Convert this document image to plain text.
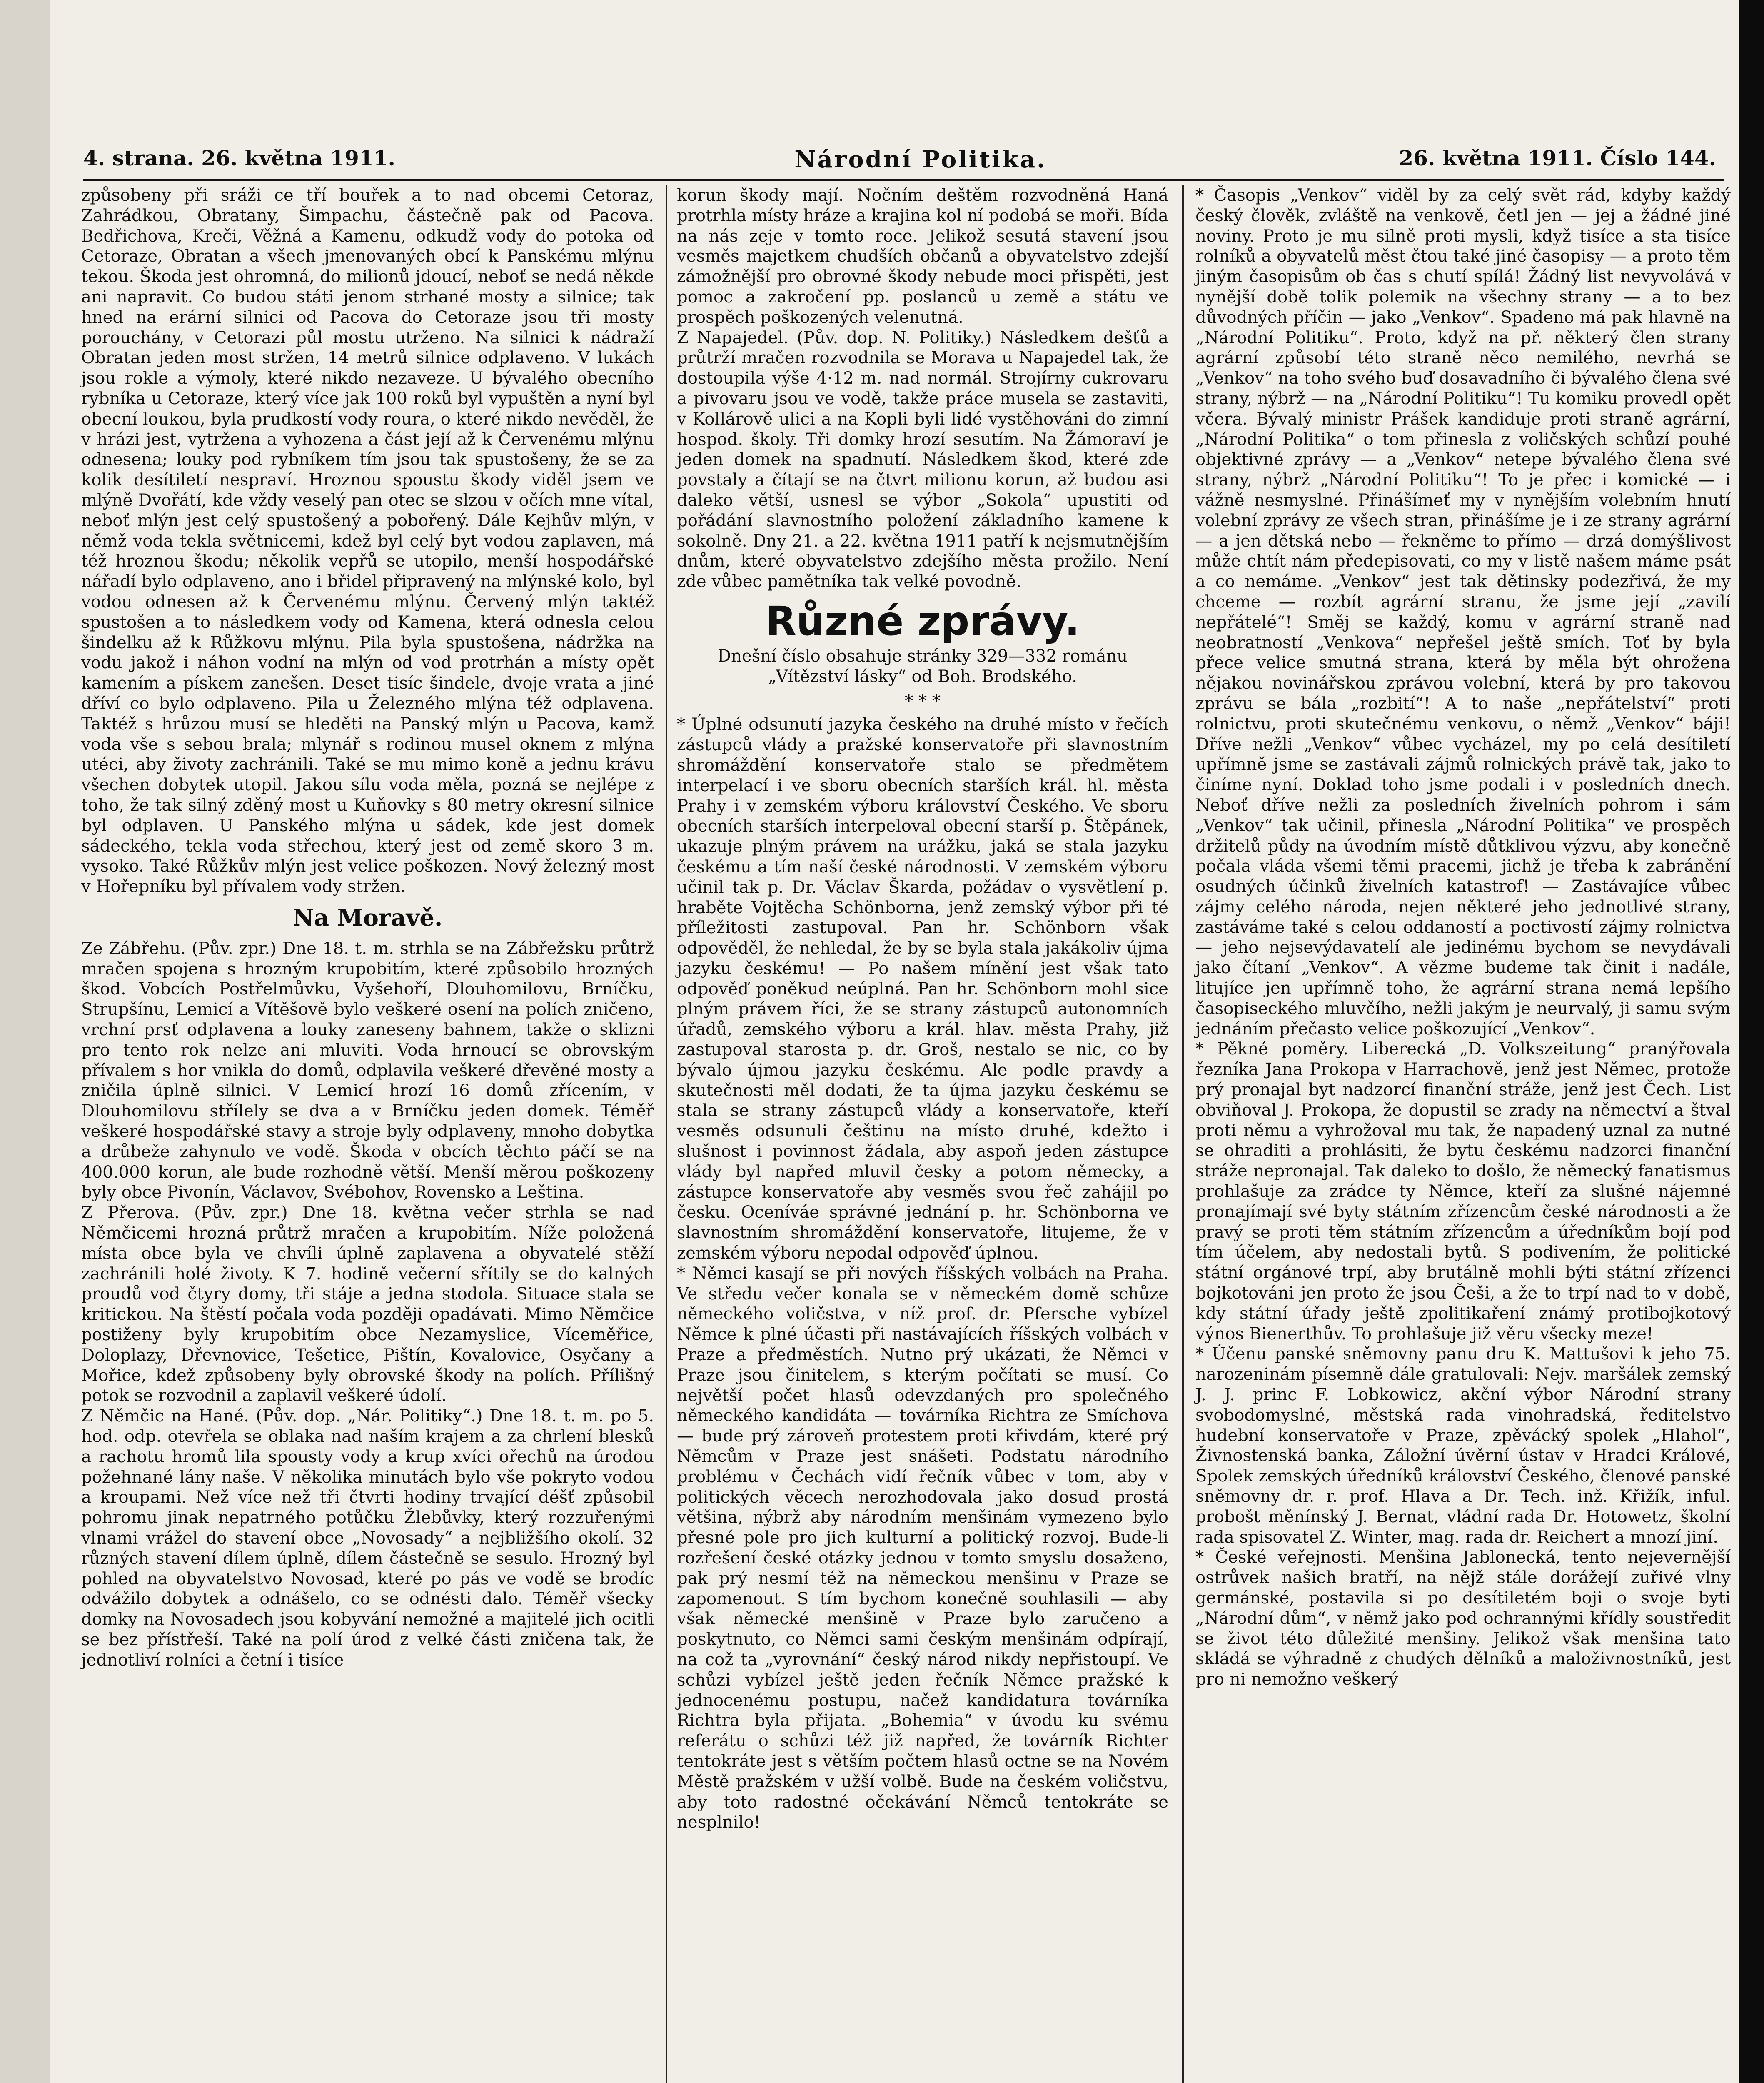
4. strana. 26. května 1911.	Národní Politika.	26. května 1911. Číslo 144.

způsobeny při sráži ce tří bouřek a to nad obcemi Cetoraz, Zahrádkou, Obratany, Šimpachu, částečně pak od Pacova. Bedřichova, Kreči, Věžná a Kamenu, odkudž vody do potoka od Cetoraze, Obratan a všech jmenovaných obcí k Panskému mlýnu tekou. Škoda jest ohromná, do milionů jdoucí, neboť se nedá někde ani napravit. Co budou státi jenom strhané mosty a silnice; tak hned na erární silnici od Pacova do Cetoraze jsou tři mosty porouchány, v Cetorazi půl mostu utrženo. Na silnici k nádraží Obratan jeden most stržen, 14 metrů silnice odplaveno. V lukách jsou rokle a výmoly, které nikdo nezaveze. U bývalého obecního rybníka u Cetoraze, který více jak 100 roků byl vypuštěn a nyní byl obecní loukou, byla prudkostí vody roura, o které nikdo nevěděl, že v hrázi jest, vytržena a vyhozena a část její až k Červenému mlýnu odnesena; louky pod rybníkem tím jsou tak spustošeny, že se za kolik desítiletí nespraví. Hroznou spoustu škody viděl jsem ve mlýně Dvořátí, kde vždy veselý pan otec se slzou v očích mne vítal, neboť mlýn jest celý spustošený a pobořený. Dále Kejhův mlýn, v němž voda tekla světnicemi, kdež byl celý byt vodou zaplaven, má též hroznou škodu; několik vepřů se utopilo, menší hospodářské nářadí bylo odplaveno, ano i břidel připravený na mlýnské kolo, byl vodou odnesen až k Červenému mlýnu. Červený mlýn taktéž spustošen a to následkem vody od Kamena, která odnesla celou šindelku až k Růžkovu mlýnu. Pila byla spustošena, nádržka na vodu jakož i náhon vodní na mlýn od vod protrhán a místy opět kamením a pískem zanešen. Deset tisíc šindele, dvoje vrata a jiné dříví co bylo odplaveno. Pila u Železného mlýna též odplavena. Taktéž s hrůzou musí se hleděti na Panský mlýn u Pacova, kamž voda vše s sebou brala; mlynář s rodinou musel oknem z mlýna utéci, aby životy zachránili. Také se mu mimo koně a jednu krávu všechen dobytek utopil. Jakou sílu voda měla, pozná se nejlépe z toho, že tak silný zděný most u Kuňovky s 80 metry okresní silnice byl odplaven. U Panského mlýna u sádek, kde jest domek sádeckého, tekla voda střechou, který jest od země skoro 3 m. vysoko. Také Růžkův mlýn jest velice poškozen. Nový železný most v Hořepníku byl přívalem vody stržen.

Na Moravě.

Ze Zábřehu. (Pův. zpr.) Dne 18. t. m. strhla se na Zábřežsku průtrž mračen spojena s hrozným krupobitím, které způsobilo hrozných škod. Vobcích Postřelmůvku, Vyšehoří, Dlouhomilovu, Brníčku, Strupšínu, Lemicí a Vítěšově bylo veškeré osení na polích zničeno, vrchní prsť odplavena a louky zaneseny bahnem, takže o sklizni pro tento rok nelze ani mluviti. Voda hrnoucí se obrovským přívalem s hor vnikla do domů, odplavila veškeré dřevěné mosty a zničila úplně silnici. V Lemicí hrozí 16 domů zřícením, v Dlouhomilovu střílely se dva a v Brníčku jeden domek. Téměř veškeré hospodářské stavy a stroje byly odplaveny, mnoho dobytka a drůbeže zahynulo ve vodě. Škoda v obcích těchto páčí se na 400.000 korun, ale bude rozhodně větší. Menší měrou poškozeny byly obce Pivonín, Václavov, Svébohov, Rovensko a Leština.

Z Přerova. (Pův. zpr.) Dne 18. května večer strhla se nad Němčicemi hrozná průtrž mračen a krupobitím. Níže položená místa obce byla ve chvíli úplně zaplavena a obyvatelé stěží zachránili holé životy. K 7. hodině večerní sřítily se do kalných proudů vod čtyry domy, tři stáje a jedna stodola. Situace stala se kritickou. Na štěstí počala voda později opadávati. Mimo Němčice postiženy byly krupobitím obce Nezamyslice, Víceměřice, Doloplazy, Dřevnovice, Tešetice, Pištín, Kovalovice, Osyčany a Mořice, kdež způsobeny byly obrovské škody na polích. Přílišný potok se rozvodnil a zaplavil veškeré údolí.

Z Němčic na Hané. (Pův. dop. „Nár. Politiky“.) Dne 18. t. m. po 5. hod. odp. otevřela se oblaka nad naším krajem a za chrlení blesků a rachotu hromů lila spousty vody a krup xvíci ořechů na úrodou požehnané lány naše. V několika minutách bylo vše pokryto vodou a kroupami. Než více než tři čtvrti hodiny trvající déšť způsobil pohromu jinak nepatrného potůčku Žlebůvky, který rozzuřenými vlnami vrážel do stavení obce „Novosady“ a nejbližšího okolí. 32 různých stavení dílem úplně, dílem částečně se sesulo. Hrozný byl pohled na obyvatelstvo Novosad, které po pás ve vodě se brodíc odvážilo dobytek a odnášelo, co se odnésti dalo. Téměř všecky domky na Novosadech jsou kobyvání nemožné a majitelé jich ocitli se bez přístřeší. Také na polí úrod z velké části zničena tak, že jednotliví rolníci a četní i tisíce

korun škody mají. Nočním deštěm rozvodněná Haná protrhla místy hráze a krajina kol ní podobá se moři. Bída na nás zeje v tomto roce. Jelikož sesutá stavení jsou vesměs majetkem chudších občanů a obyvatelstvo zdejší zámožnější pro obrovné škody nebude moci přispěti, jest pomoc a zakročení pp. poslanců u země a státu ve prospěch poškozených velenutná.

Z Napajedel. (Pův. dop. N. Politiky.) Následkem dešťů a průtrží mračen rozvodnila se Morava u Napajedel tak, že dostoupila výše 4·12 m. nad normál. Strojírny cukrovaru a pivovaru jsou ve vodě, takže práce musela se zastaviti, v Kollárově ulici a na Kopli byli lidé vystěhováni do zimní hospod. školy. Tři domky hrozí sesutím. Na Žámoraví je jeden domek na spadnutí. Následkem škod, které zde povstaly a čítají se na čtvrt milionu korun, až budou asi daleko větší, usnesl se výbor „Sokola“ upustiti od pořádání slavnostního položení základního kamene k sokolně. Dny 21. a 22. května 1911 patří k nejsmutnějším dnům, které obyvatelstvo zdejšího města prožilo. Není zde vůbec pamětníka tak velké povodně.

Různé zprávy.

Dnešní číslo obsahuje stránky 329—332 románu „Vítězství lásky“ od Boh. Brodského.

* * *

* Úplné odsunutí jazyka českého na druhé místo v řečích zástupců vlády a pražské konservatoře při slavnostním shromáždění konservatoře stalo se předmětem interpelací i ve sboru obecních starších král. hl. města Prahy i v zemském výboru království Českého. Ve sboru obecních starších interpeloval obecní starší p. Štěpánek, ukazuje plným právem na urážku, jaká se stala jazyku českému a tím naší české národnosti. V zemském výboru učinil tak p. Dr. Václav Škarda, požádav o vysvětlení p. hraběte Vojtěcha Schönborna, jenž zemský výbor při té příležitosti zastupoval. Pan hr. Schönborn však odpověděl, že nehledal, že by se byla stala jakákoliv újma jazyku českému! — Po našem mínění jest však tato odpověď poněkud neúplná. Pan hr. Schönborn mohl sice plným právem říci, že se strany zástupců autonomních úřadů, zemského výboru a král. hlav. města Prahy, již zastupoval starosta p. dr. Groš, nestalo se nic, co by bývalo újmou jazyku českému. Ale podle pravdy a skutečnosti měl dodati, že ta újma jazyku českému se stala se strany zástupců vlády a konservatoře, kteří vesměs odsunuli češtinu na místo druhé, kdežto i slušnost i povinnost žádala, aby aspoň jeden zástupce vlády byl napřed mluvil česky a potom německy, a zástupce konservatoře aby vesměs svou řeč zahájil po česku. Oceníváe správné jednání p. hr. Schönborna ve slavnostním shromáždění konservatoře, litujeme, že v zemském výboru nepodal odpověď úplnou.

* Němci kasají se při nových říšských volbách na Praha. Ve středu večer konala se v německém domě schůze německého voličstva, v níž prof. dr. Pfersche vybízel Němce k plné účasti při nastávajících říšských volbách v Praze a předměstích. Nutno prý ukázati, že Němci v Praze jsou činitelem, s kterým počítati se musí. Co největší počet hlasů odevzdaných pro společného německého kandidáta — továrníka Richtra ze Smíchova — bude prý zároveň protestem proti křivdám, které prý Němcům v Praze jest snášeti. Podstatu národního problému v Čechách vidí řečník vůbec v tom, aby v politických věcech nerozhodovala jako dosud prostá většina, nýbrž aby národním menšinám vymezeno bylo přesné pole pro jich kulturní a politický rozvoj. Bude-li rozřešení české otázky jednou v tomto smyslu dosaženo, pak prý nesmí též na německou menšinu v Praze se zapomenout. S tím bychom konečně souhlasili — aby však německé menšině v Praze bylo zaručeno a poskytnuto, co Němci sami českým menšinám odpírají, na což ta „vyrovnání“ český národ nikdy nepřistoupí. Ve schůzi vybízel ještě jeden řečník Němce pražské k jednocenému postupu, načež kandidatura továrníka Richtra byla přijata. „Bohemia“ v úvodu ku svému referátu o schůzi též již napřed, že továrník Richter tentokráte jest s větším počtem hlasů octne se na Novém Městě pražském v užší volbě. Bude na českém voličstvu, aby toto radostné očekávání Němců tentokráte se nesplnilo!

* Časopis „Venkov“ viděl by za celý svět rád, kdyby každý český člověk, zvláště na venkově, četl jen — jej a žádné jiné noviny. Proto je mu silně proti mysli, když tisíce a sta tisíce rolníků a obyvatelů měst čtou také jiné časopisy — a proto těm jiným časopisům ob čas s chutí spílá! Žádný list nevyvolává v nynější době tolik polemik na všechny strany — a to bez důvodných příčin — jako „Venkov“. Spadeno má pak hlavně na „Národní Politiku“. Proto, když na př. některý člen strany agrární způsobí této straně něco nemilého, nevrhá se „Venkov“ na toho svého buď dosavadního či bývalého člena své strany, nýbrž — na „Národní Politiku“! Tu komiku provedl opět včera. Bývalý ministr Prášek kandiduje proti straně agrární, „Národní Politika“ o tom přinesla z voličských schůzí pouhé objektivné zprávy — a „Venkov“ netepe bývalého člena své strany, nýbrž „Národní Politiku“! To je přec i komické — i vážně nesmyslné. Přinášímeť my v nynějším volebním hnutí volební zprávy ze všech stran, přinášíme je i ze strany agrární — a jen dětská nebo — řekněme to přímo — drzá domýšlivost může chtít nám předepisovati, co my v listě našem máme psát a co nemáme. „Venkov“ jest tak dětinsky podezřivá, že my chceme — rozbít agrární stranu, že jsme její „zavilí nepřátelé“! Směj se každý, komu v agrární straně nad neobratností „Venkova“ nepřešel ještě smích. Toť by byla přece velice smutná strana, která by měla být ohrožena nějakou novinářskou zprávou volební, která by pro takovou zprávu se bála „rozbití“! A to naše „nepřátelství“ proti rolnictvu, proti skutečnému venkovu, o němž „Venkov“ báji! Dříve nežli „Venkov“ vůbec vycházel, my po celá desítiletí upřímně jsme se zastávali zájmů rolnických právě tak, jako to činíme nyní. Doklad toho jsme podali i v posledních dnech. Neboť dříve nežli za posledních živelních pohrom i sám „Venkov“ tak učinil, přinesla „Národní Politika“ ve prospěch držitelů půdy na úvodním místě důtklivou výzvu, aby konečně počala vláda všemi těmi pracemi, jichž je třeba k zabránění osudných účinků živelních katastrof! — Zastávajíce vůbec zájmy celého národa, nejen některé jeho jednotlivé strany, zastáváme také s celou oddaností a poctivostí zájmy rolnictva — jeho nejsevýdavatelí ale jedinému bychom se nevydávali jako čítaní „Venkov“. A vězme budeme tak činit i nadále, litujíce jen upřímně toho, že agrární strana nemá lepšího časopiseckého mluvčího, nežli jakým je neurvalý, ji samu svým jednáním přečasto velice poškozující „Venkov“.

* Pěkné poměry. Liberecká „D. Volkszeitung“ pranýřovala řezníka Jana Prokopa v Harrachově, jenž jest Němec, protože prý pronajal byt nadzorcí finanční stráže, jenž jest Čech. List obviňoval J. Prokopa, že dopustil se zrady na němectví a štval proti němu a vyhrožoval mu tak, že napadený uznal za nutné se ohraditi a prohlásiti, že bytu českému nadzorci finanční stráže nepronajal. Tak daleko to došlo, že německý fanatismus prohlašuje za zrádce ty Němce, kteří za slušné nájemné pronajímají své byty státním zřízencům české národnosti a že pravý se proti těm státním zřízencům a úředníkům bojí pod tím účelem, aby nedostali bytů. S podivením, že politické státní orgánové trpí, aby brutálně mohli býti státní zřízenci bojkotováni jen proto že jsou Češi, a že to trpí nad to v době, kdy státní úřady ještě zpolitikaření známý protibojkotový výnos Bienerthův. To prohlašuje již věru všecky meze!

* Účenu panské sněmovny panu dru K. Mattušovi k jeho 75. narozeninám písemně dále gratulovali: Nejv. maršálek zemský J. J. princ F. Lobkowicz, akční výbor Národní strany svobodomyslné, městská rada vinohradská, ředitelstvo hudební konservatoře v Praze, zpěvácký spolek „Hlahol“, Živnostenská banka, Záložní úvěrní ústav v Hradci Králové, Spolek zemských úředníků království Českého, členové panské sněmovny dr. r. prof. Hlava a Dr. Tech. inž. Křižík, inful. probošt měnínský J. Bernat, vládní rada Dr. Hotowetz, školní rada spisovatel Z. Winter, mag. rada dr. Reichert a mnozí jiní.

* České veřejnosti. Menšina Jablonecká, tento nejevernější ostrůvek našich bratří, na nějž stále dorážejí zuřivé vlny germánské, postavila si po desítiletém boji o svoje byti „Národní dům“, v němž jako pod ochrannými křídly soustředit se život této důležité menšiny. Jelikož však menšina tato skládá se výhradně z chudých dělníků a maloživnostníků, jest pro ni nemožno veškerý
